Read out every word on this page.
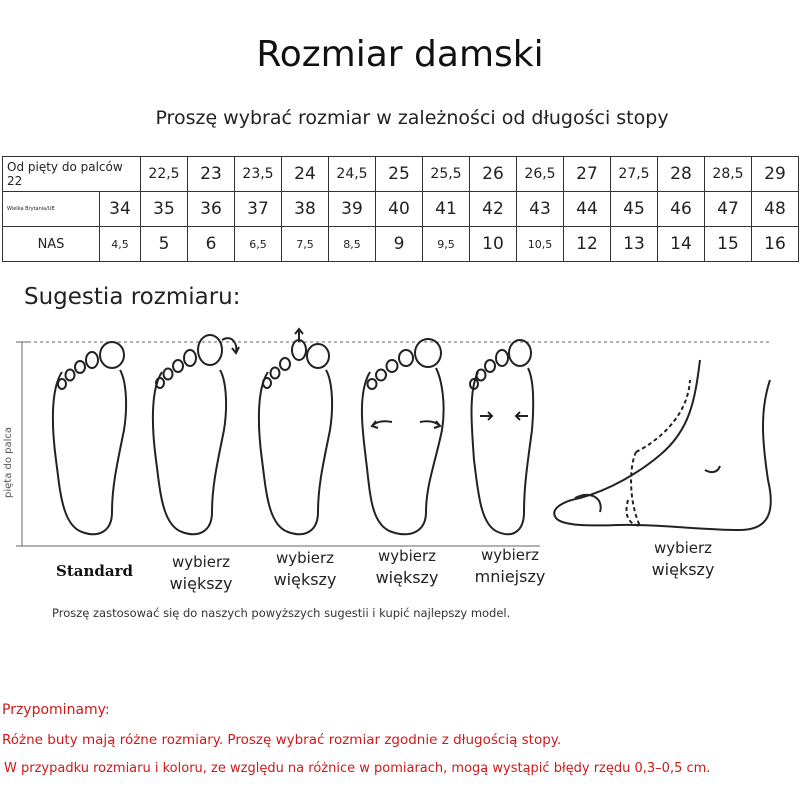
Rozmiar damski
Proszę wybrać rozmiar w zależności od długości stopy
Od pięty do palców 22		22,5	23	23,5	24	24,5	25	25,5	26	26,5	27	27,5	28	28,5	29
Wielka Brytania/UE	34	35	36	37	38	39	40	41	42	43	44	45	46	47	48
NAS	4,5	5	6	6,5	7,5	8,5	9	9,5	10	10,5	12	13	14	15	16
Sugestia rozmiaru:
pięta do palca
Standard	wybierz
większy
wybierz
większy
wybierz
większy
wybierz
mniejszy
wybierz
większy
Proszę zastosować się do naszych powyższych sugestii i kupić najlepszy model.
Przypominamy:
Różne buty mają różne rozmiary. Proszę wybrać rozmiar zgodnie z długością stopy.
W przypadku rozmiaru i koloru, ze względu na różnice w pomiarach, mogą wystąpić błędy rzędu 0,3–0,5 cm.
